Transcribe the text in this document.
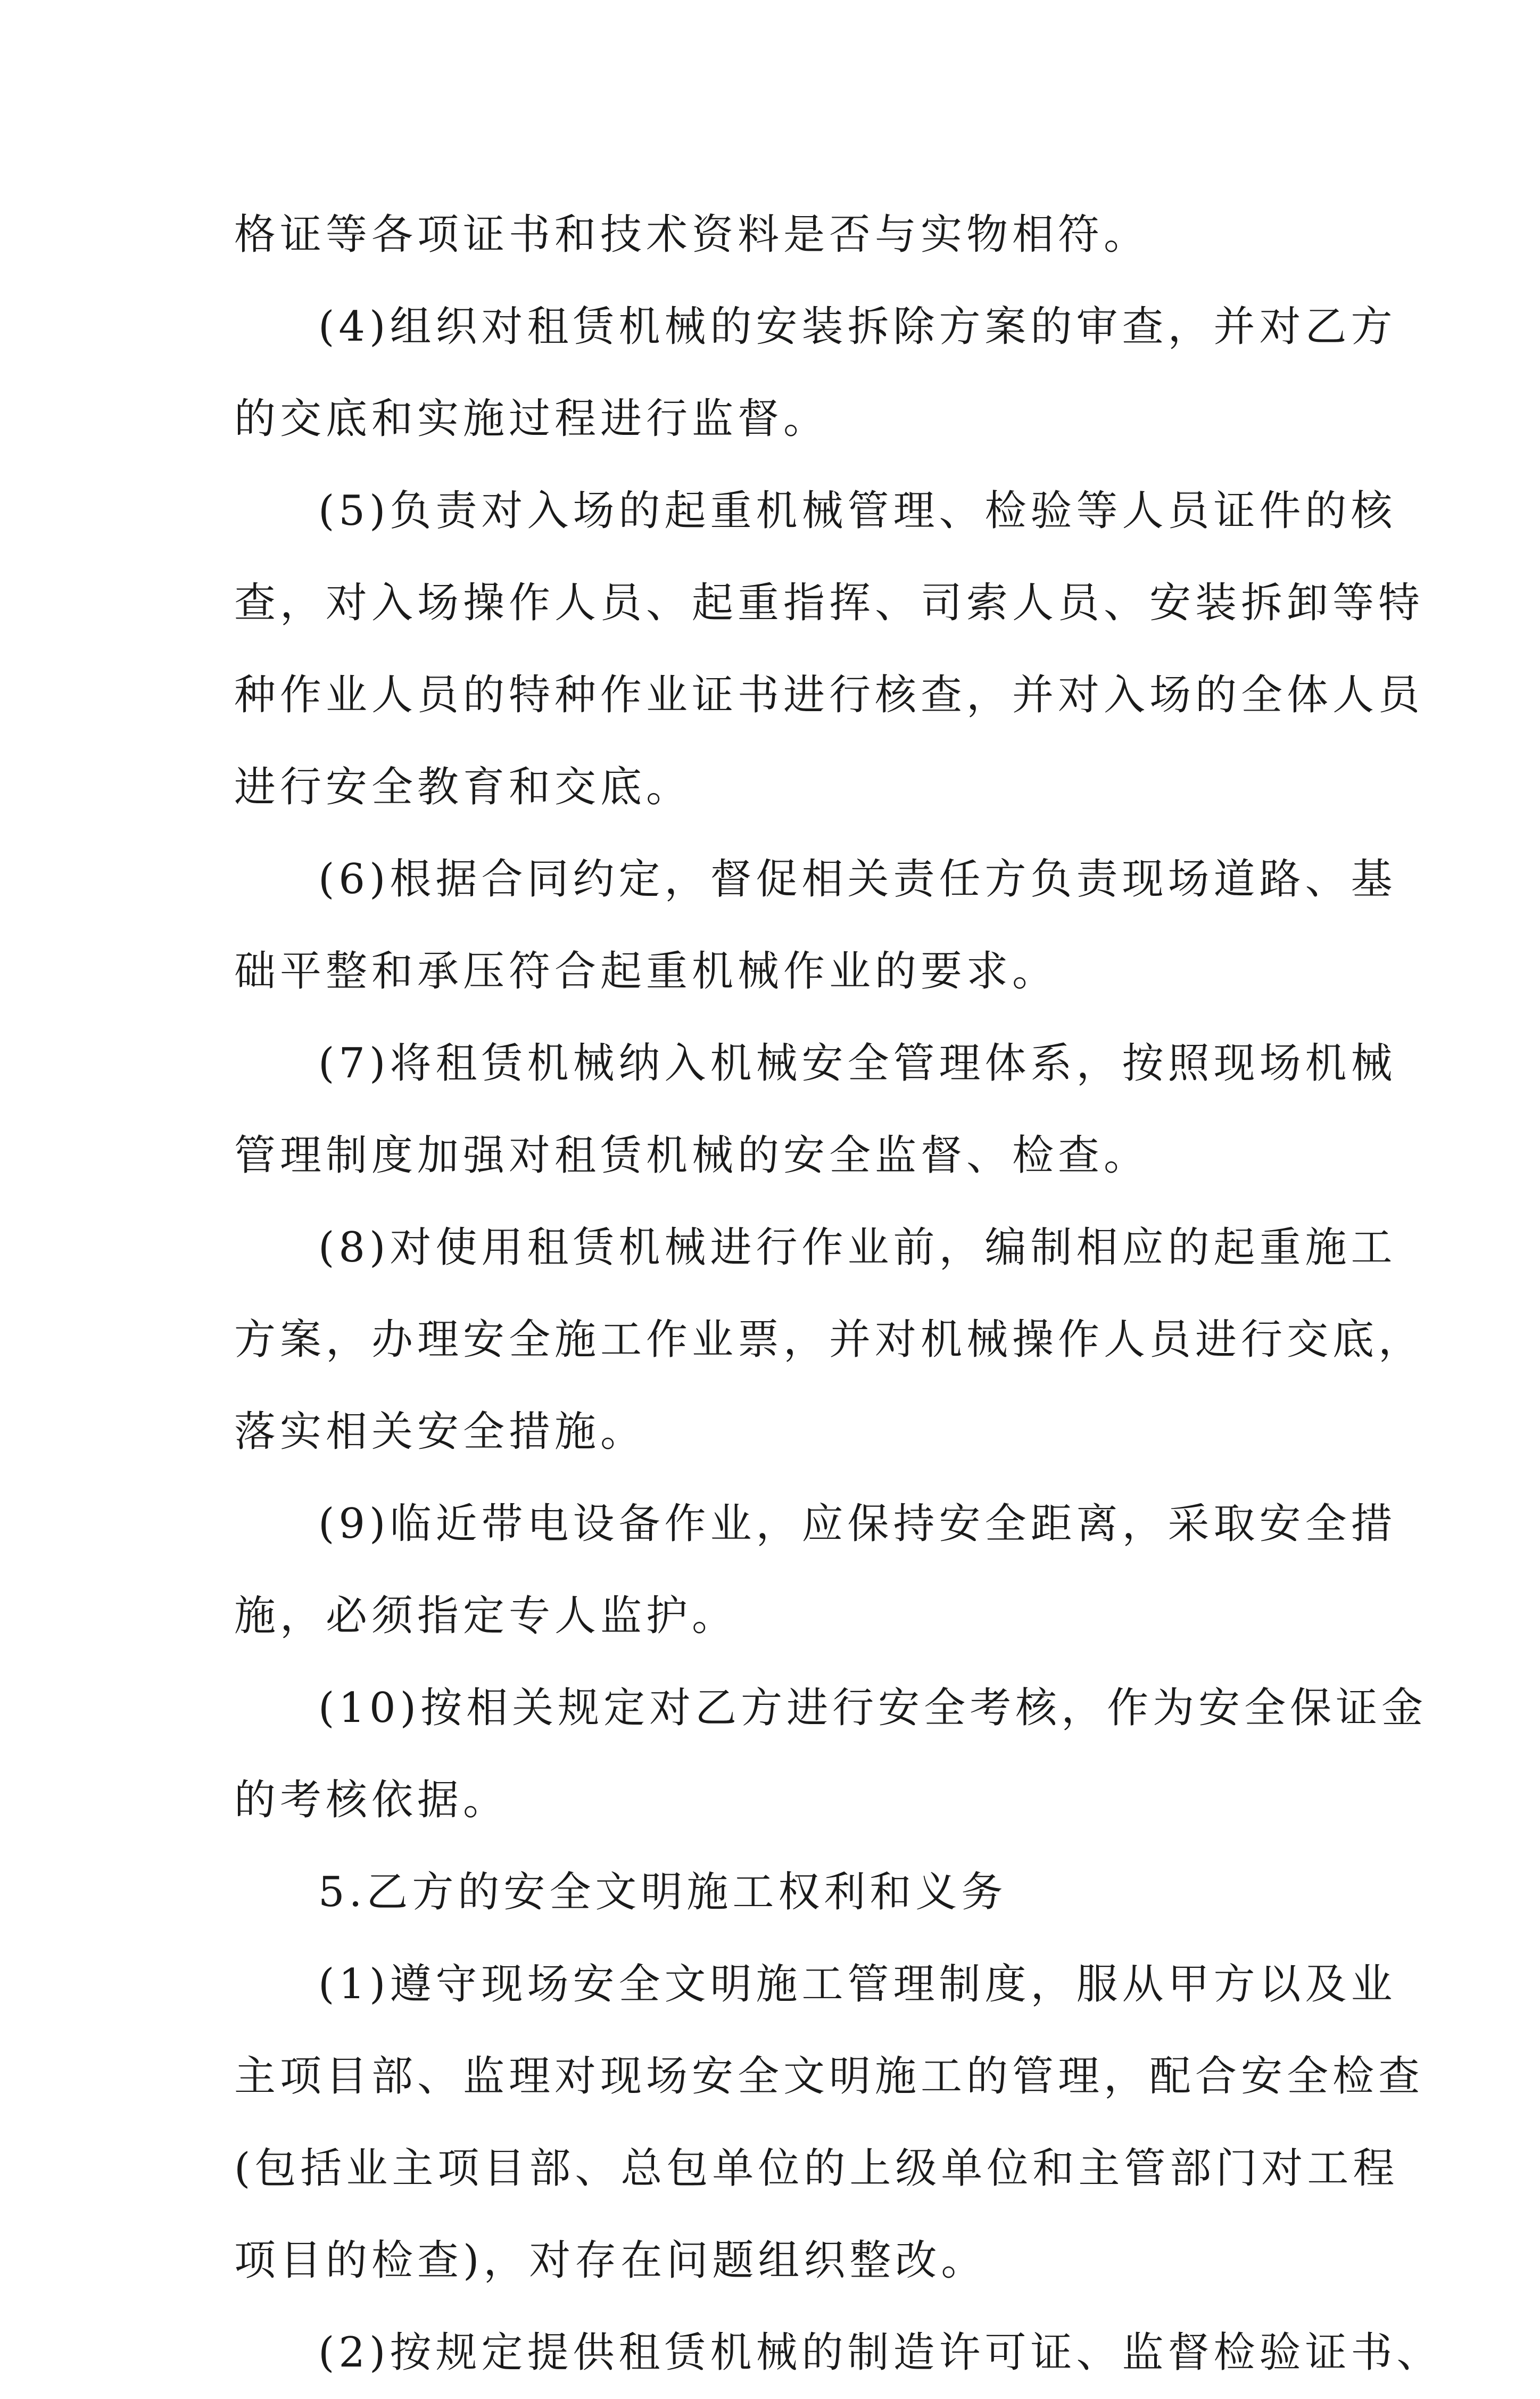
格证等各项证书和技术资料是否与实物相符。
(4)组织对租赁机械的安装拆除方案的审查，并对乙方
的交底和实施过程进行监督。
(5)负责对入场的起重机械管理、检验等人员证件的核
查，对入场操作人员、起重指挥、司索人员、安装拆卸等特
种作业人员的特种作业证书进行核查，并对入场的全体人员
进行安全教育和交底。
(6)根据合同约定，督促相关责任方负责现场道路、基
础平整和承压符合起重机械作业的要求。
(7)将租赁机械纳入机械安全管理体系，按照现场机械
管理制度加强对租赁机械的安全监督、检查。
(8)对使用租赁机械进行作业前，编制相应的起重施工
方案，办理安全施工作业票，并对机械操作人员进行交底，
落实相关安全措施。
(9)临近带电设备作业，应保持安全距离，采取安全措
施，必须指定专人监护。
(10)按相关规定对乙方进行安全考核，作为安全保证金
的考核依据。
5.乙方的安全文明施工权利和义务
(1)遵守现场安全文明施工管理制度，服从甲方以及业
主项目部、监理对现场安全文明施工的管理，配合安全检查
(包括业主项目部、总包单位的上级单位和主管部门对工程
项目的检查)，对存在问题组织整改。
(2)按规定提供租赁机械的制造许可证、监督检验证书、
